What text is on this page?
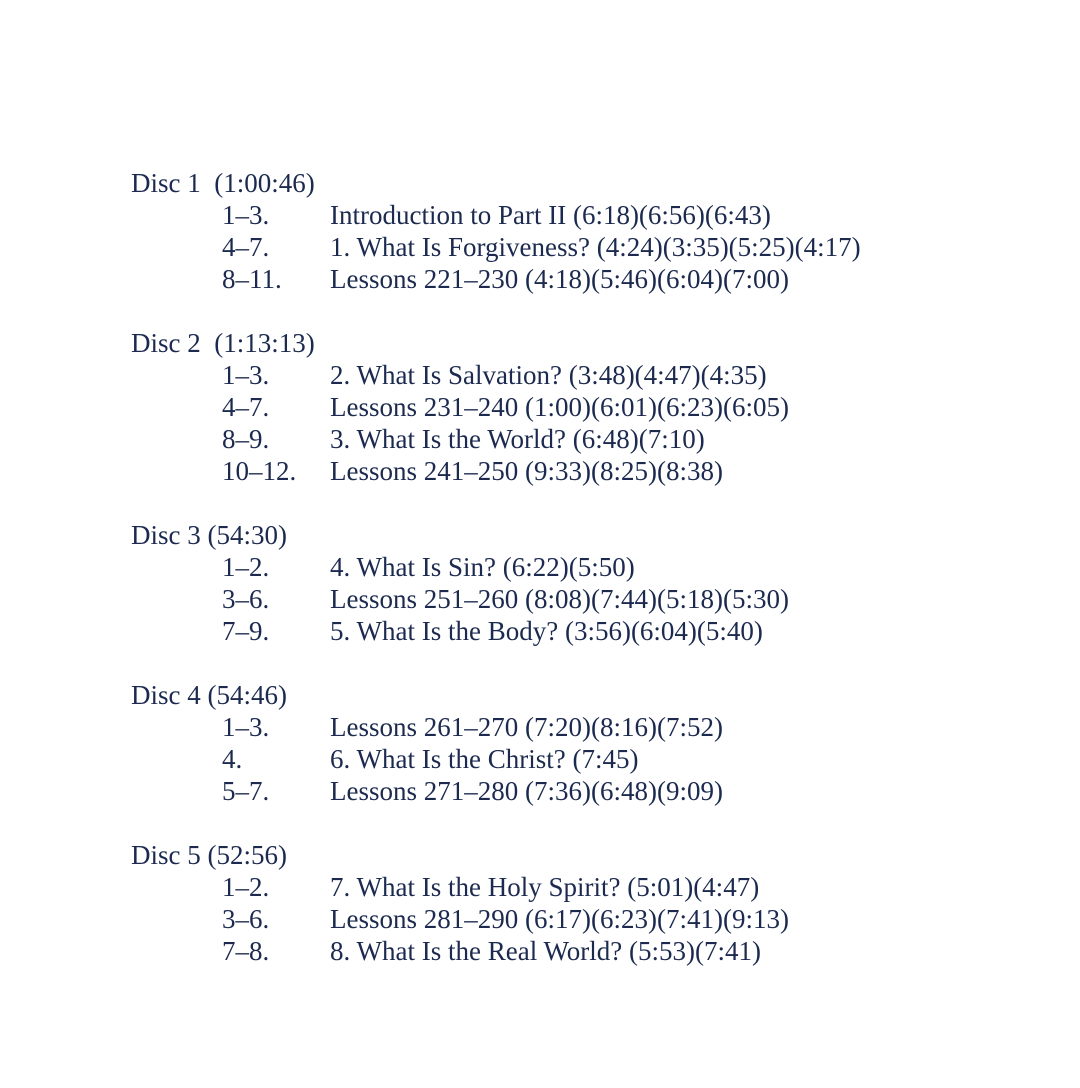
Disc 1 (1:00:46)
1–3. Introduction to Part II (6:18)(6:56)(6:43)
4–7. 1. What Is Forgiveness? (4:24)(3:35)(5:25)(4:17)
8–11. Lessons 221–230 (4:18)(5:46)(6:04)(7:00)
Disc 2 (1:13:13)
1–3. 2. What Is Salvation? (3:48)(4:47)(4:35)
4–7. Lessons 231–240 (1:00)(6:01)(6:23)(6:05)
8–9. 3. What Is the World? (6:48)(7:10)
10–12. Lessons 241–250 (9:33)(8:25)(8:38)
Disc 3 (54:30)
1–2. 4. What Is Sin? (6:22)(5:50)
3–6. Lessons 251–260 (8:08)(7:44)(5:18)(5:30)
7–9. 5. What Is the Body? (3:56)(6:04)(5:40)
Disc 4 (54:46)
1–3. Lessons 261–270 (7:20)(8:16)(7:52)
4.	6. What Is the Christ? (7:45)
5–7. Lessons 271–280 (7:36)(6:48)(9:09)
Disc 5 (52:56)
1–2. 7. What Is the Holy Spirit? (5:01)(4:47)
3–6. Lessons 281–290 (6:17)(6:23)(7:41)(9:13)
7–8. 8. What Is the Real World? (5:53)(7:41)
